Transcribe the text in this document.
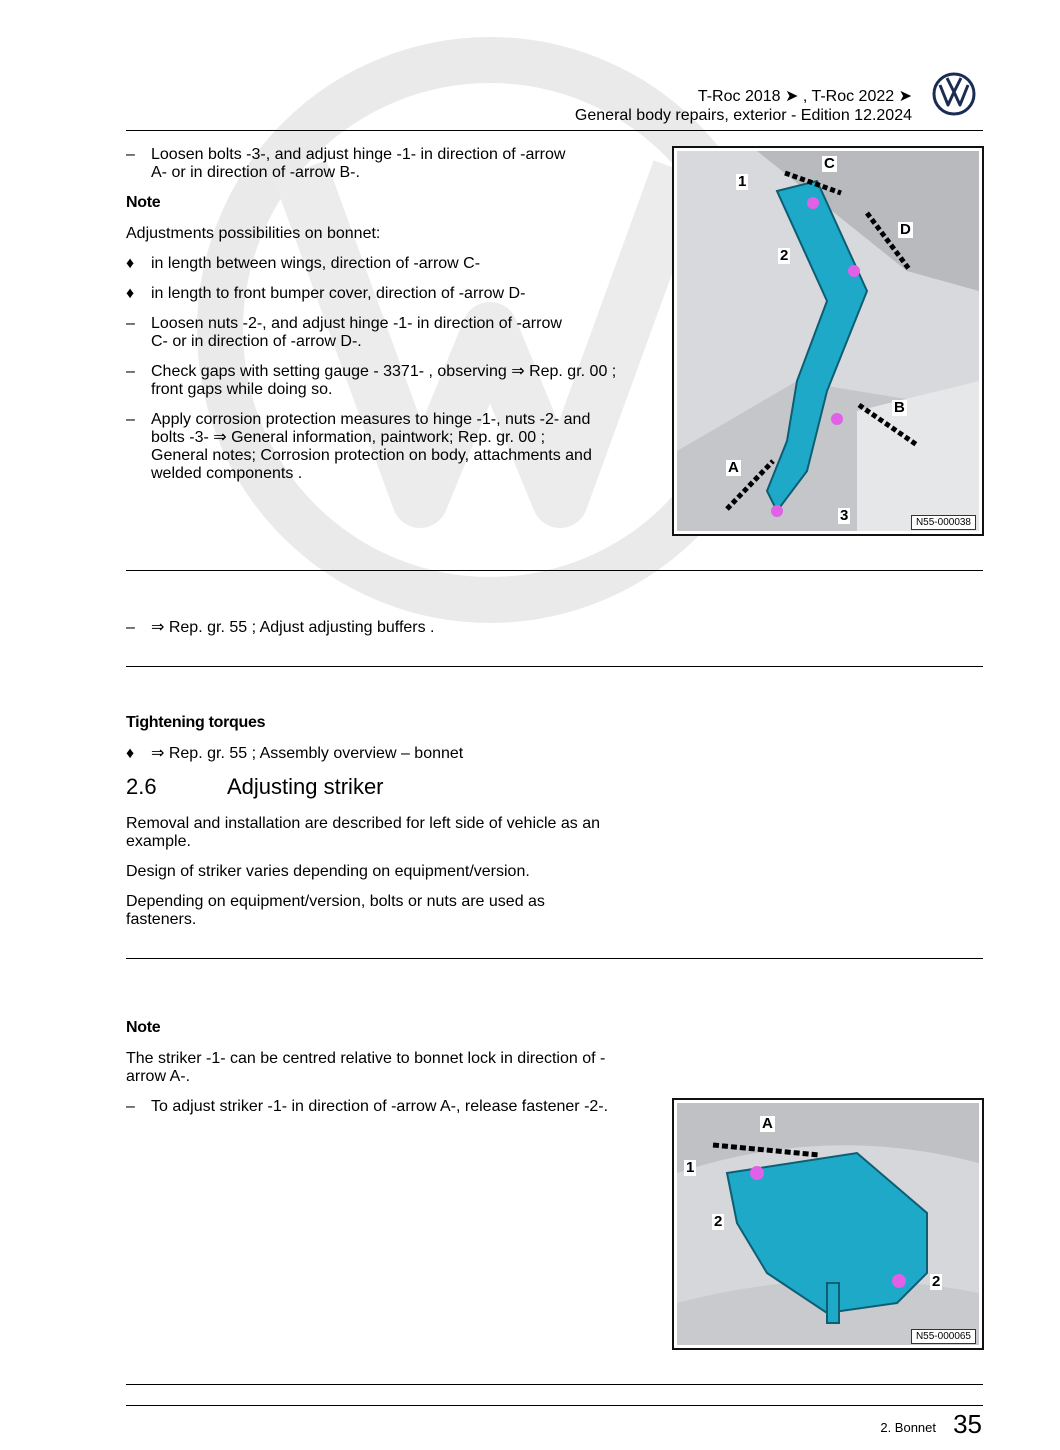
T-Roc 2018 ➤ , T-Roc 2022 ➤
General body repairs, exterior - Edition 12.2024
– Loosen bolts -3-, and adjust hinge -1- in direction of -arrow A- or in direction of -arrow B-.
Note
Adjustments possibilities on bonnet:
♦ in length between wings, direction of -arrow C-
♦ in length to front bumper cover, direction of -arrow D-
– Loosen nuts -2-, and adjust hinge -1- in direction of -arrow C- or in direction of -arrow D-.
– Check gaps with setting gauge - 3371- , observing ⇒ Rep. gr. 00 ; front gaps while doing so.
– Apply corrosion protection measures to hinge -1-, nuts -2- and bolts -3- ⇒ General information, paintwork; Rep. gr. 00 ; General notes; Corrosion protection on body, attachments and welded components .
1
2
3
A
B
C
D
N55-000038
– ⇒ Rep. gr. 55 ; Adjust adjusting buffers .
Tightening torques
♦ ⇒ Rep. gr. 55 ; Assembly overview – bonnet
2.6	Adjusting striker
Removal and installation are described for left side of vehicle as an example.
Design of striker varies depending on equipment/version.
Depending on equipment/version, bolts or nuts are used as fasteners.
Note
The striker -1- can be centred relative to bonnet lock in direction of -arrow A-.
– To adjust striker -1- in direction of -arrow A-, release fastener -2-.
1
2
2
A
N55-000065
2. Bonnet 35
